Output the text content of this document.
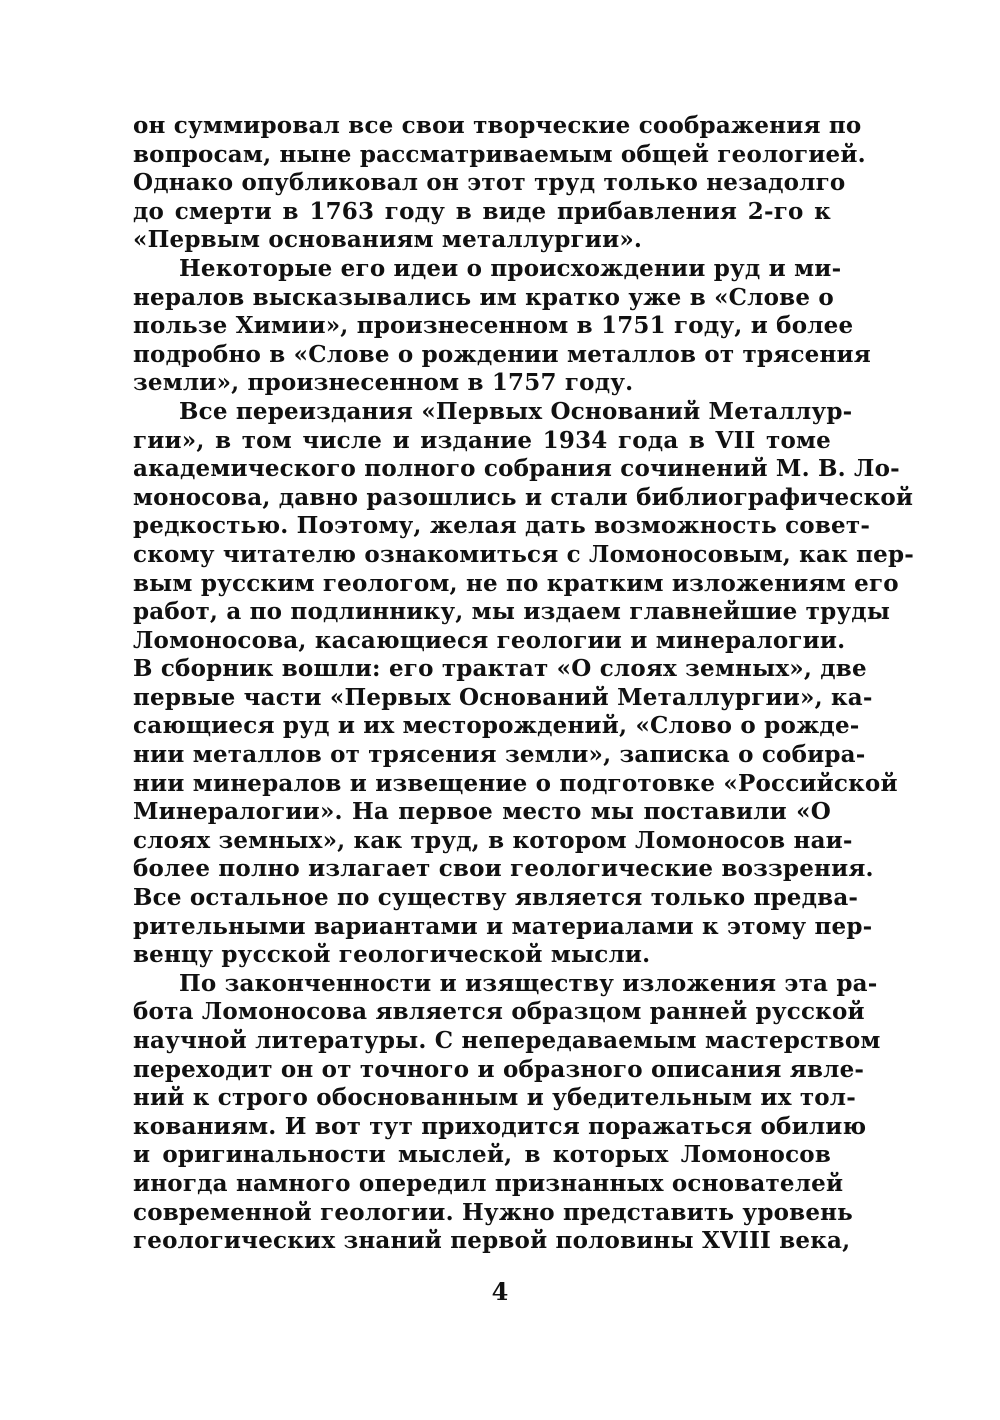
он суммировал все свои творческие соображения по
вопросам, ныне рассматриваемым общей геологией.
Однако опубликовал он этот труд только незадолго
до смерти в 1763 году в виде прибавления 2-го к
«Первым основаниям металлургии».
Некоторые его идеи о происхождении руд и ми-
нералов высказывались им кратко уже в «Слове о
пользе Химии», произнесенном в 1751 году, и более
подробно в «Слове о рождении металлов от трясения
земли», произнесенном в 1757 году.
Все переиздания «Первых Оснований Металлур-
гии», в том числе и издание 1934 года в VII томе
академического полного собрания сочинений М. В. Ло-
моносова, давно разошлись и стали библиографической
редкостью. Поэтому, желая дать возможность совет-
скому читателю ознакомиться с Ломоносовым, как пер-
вым русским геологом, не по кратким изложениям его
работ, а по подлиннику, мы издаем главнейшие труды
Ломоносова, касающиеся геологии и минералогии.
В сборник вошли: его трактат «О слоях земных», две
первые части «Первых Оснований Металлургии», ка-
сающиеся руд и их месторождений, «Слово о рожде-
нии металлов от трясения земли», записка о собира-
нии минералов и извещение о подготовке «Российской
Минералогии». На первое место мы поставили «О
слоях земных», как труд, в котором Ломоносов наи-
более полно излагает свои геологические воззрения.
Все остальное по существу является только предва-
рительными вариантами и материалами к этому пер-
венцу русской геологической мысли.
По законченности и изяществу изложения эта ра-
бота Ломоносова является образцом ранней русской
научной литературы. С непередаваемым мастерством
переходит он от точного и образного описания явле-
ний к строго обоснованным и убедительным их тол-
кованиям. И вот тут приходится поражаться обилию
и оригинальности мыслей, в которых Ломоносов
иногда намного опередил признанных основателей
современной геологии. Нужно представить уровень
геологических знаний первой половины XVIII века,
4
